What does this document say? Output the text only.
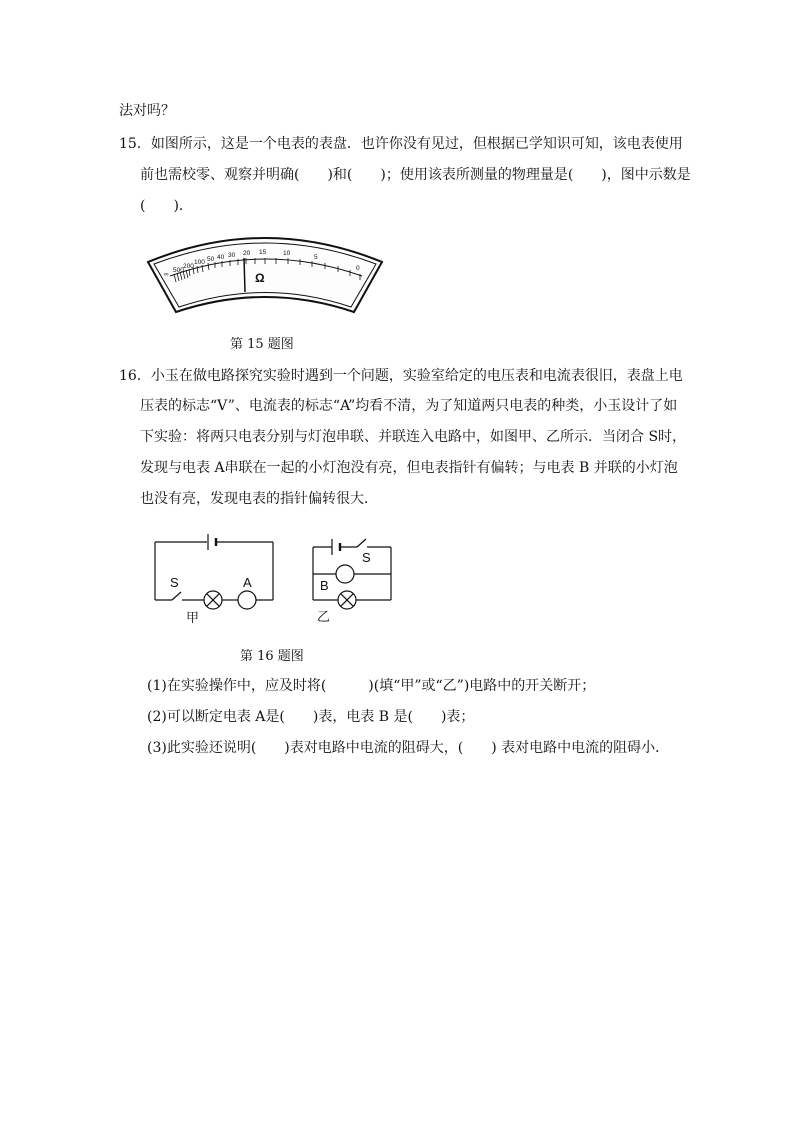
法对吗？
15．如图所示，这是一个电表的表盘．也许你没有见过，但根据已学知识可知，该电表使用
前也需校零、观察并明确(　　)和(　　)；使用该表所测量的物理量是(　　)，图中示数是
(　　)．
∞
500
200
100 50 40 30 20 15	10
5
0
Ω
第 15 题图
16．小玉在做电路探究实验时遇到一个问题，实验室给定的电压表和电流表很旧，表盘上电
压表的标志“V”、电流表的标志“A”均看不清，为了知道两只电表的种类，小玉设计了如
下实验：将两只电表分别与灯泡串联、并联连入电路中，如图甲、乙所示．当闭合 S时，
发现与电表 A串联在一起的小灯泡没有亮，但电表指针有偏转；与电表 B 并联的小灯泡
也没有亮，发现电表的指针偏转很大．
S	A
甲
S
B
乙
第 16 题图
(1)在实验操作中，应及时将(　　　)(填“甲”或“乙”)电路中的开关断开；
(2)可以断定电表 A是(　　)表，电表 B 是(　　)表；
(3)此实验还说明(　　)表对电路中电流的阻碍大，(　　) 表对电路中电流的阻碍小．
